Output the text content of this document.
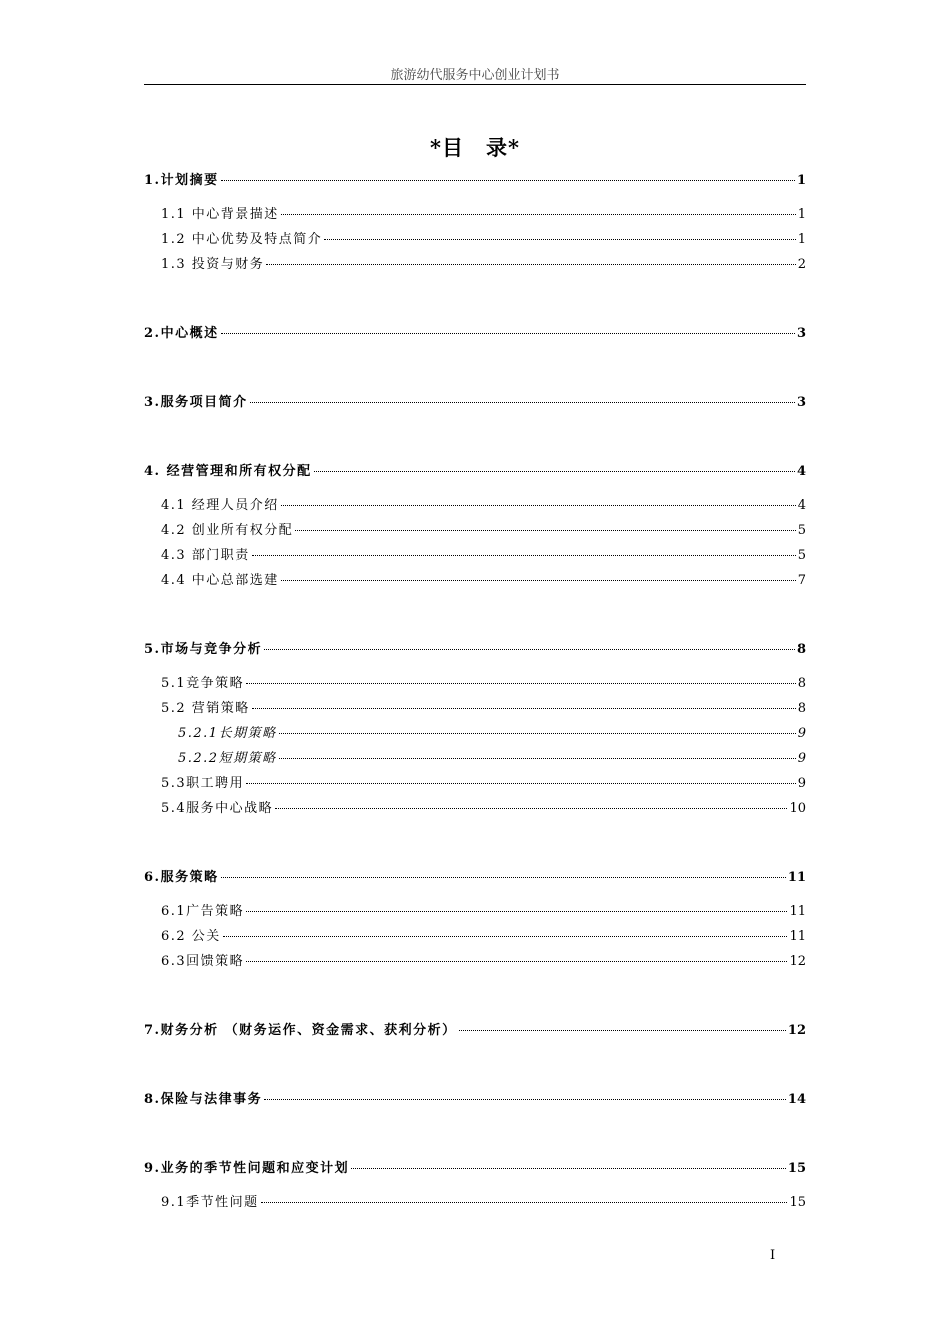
旅游幼代服务中心创业计划书
*目　录*
1.计划摘要	1
1.1 中心背景描述	1
1.2 中心优势及特点简介	1
1.3 投资与财务	2
2.中心概述	3
3.服务项目简介	3
4. 经营管理和所有权分配	4
4.1 经理人员介绍	4
4.2 创业所有权分配	5
4.3 部门职责	5
4.4 中心总部选建	7
5.市场与竞争分析	8
5.1竞争策略	8
5.2 营销策略	8
5.2.1长期策略	9
5.2.2短期策略	9
5.3职工聘用	9
5.4服务中心战略	10
6.服务策略	11
6.1广告策略	11
6.2 公关	11
6.3回馈策略	12
7.财务分析 （财务运作、资金需求、获利分析）	12
8.保险与法律事务	14
9.业务的季节性问题和应变计划	15
9.1季节性问题	15
I
